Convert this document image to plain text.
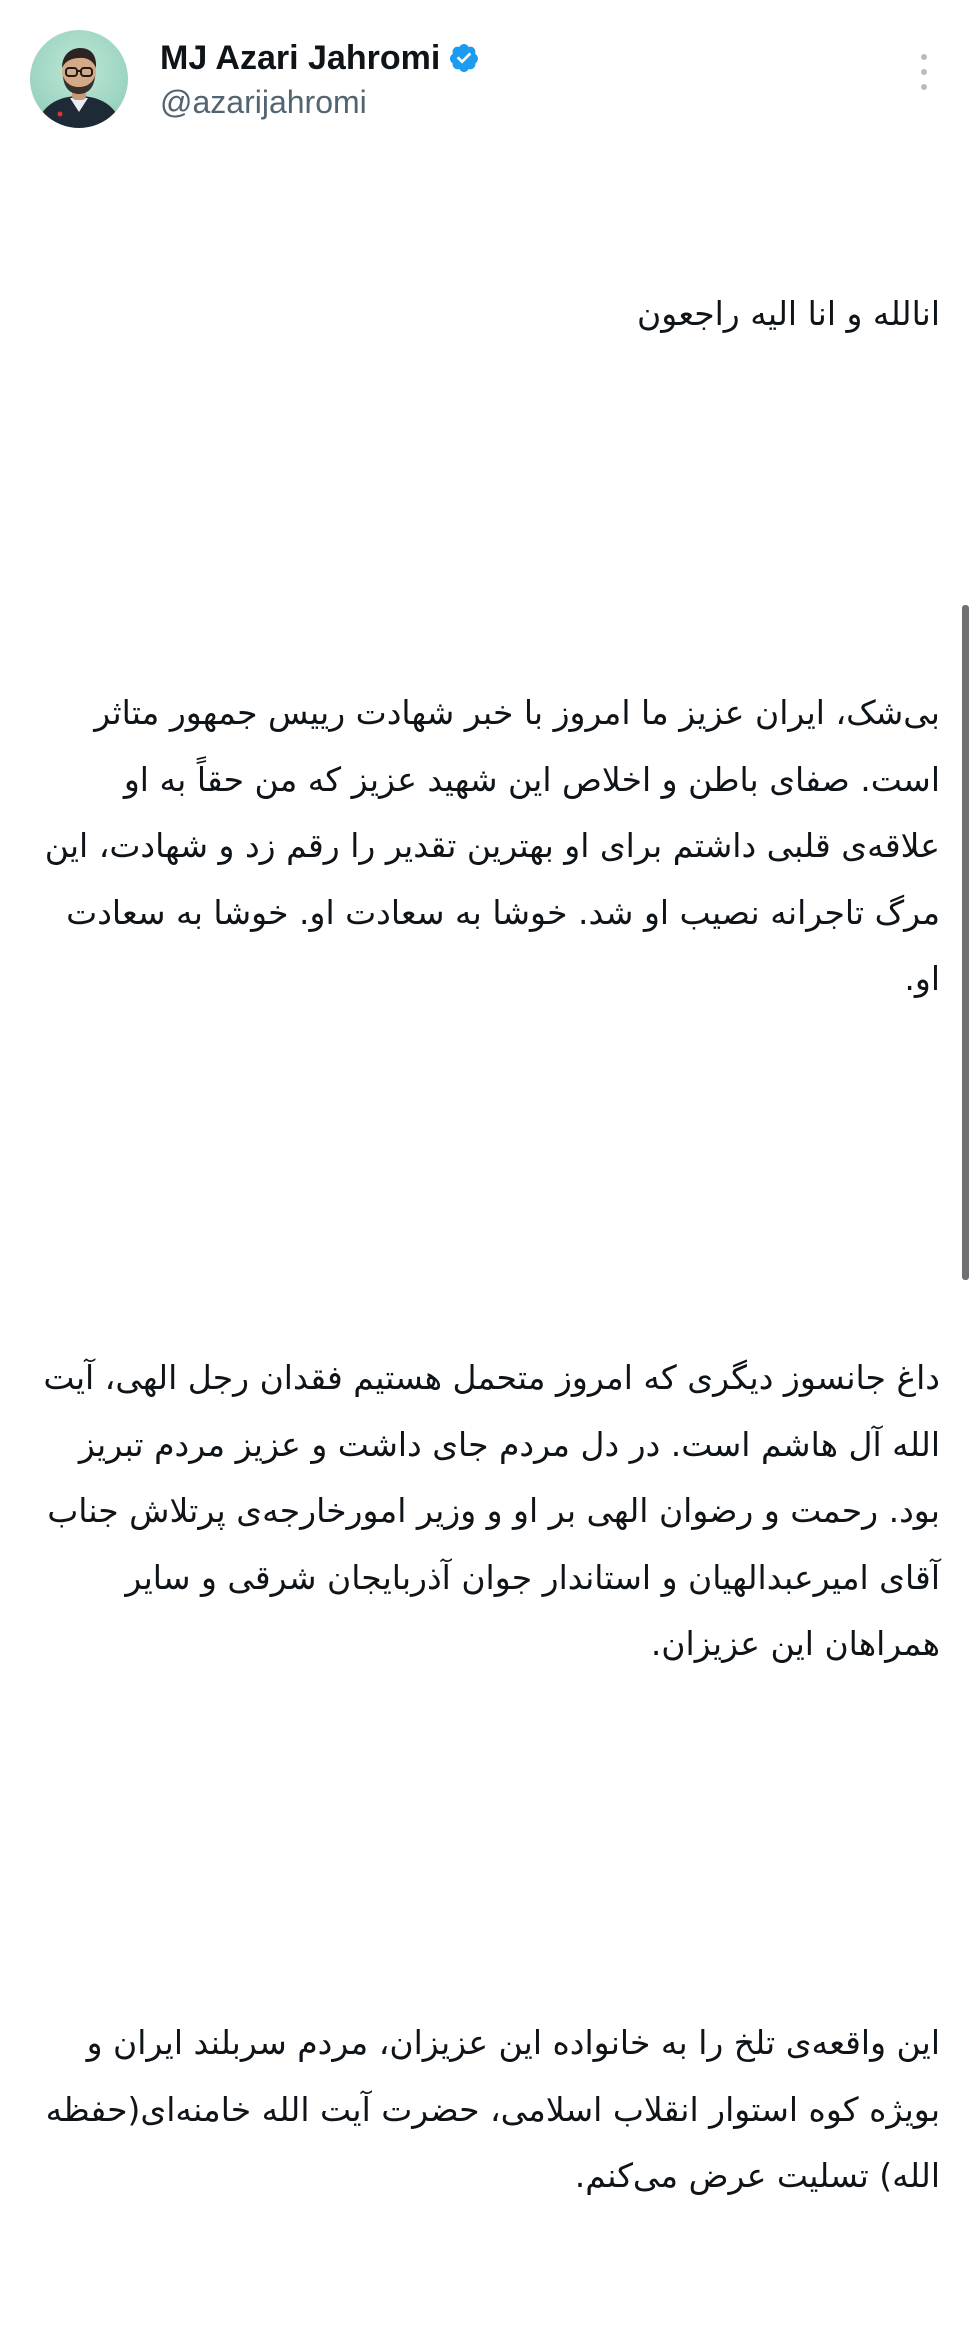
MJ Azari Jahromi
@azarijahromi

انالله و انا الیه راجعون

بی‌شک، ایران عزیز ما امروز با خبر شهادت رییس جمهور متاثر است. صفای باطن و اخلاص این شهید عزیز که من حقاً به او علاقه‌ی قلبی داشتم برای او بهترین تقدیر را رقم زد و شهادت، این مرگ تاجرانه نصیب او شد. خوشا به سعادت او. خوشا به سعادت او.

داغ جانسوز دیگری که امروز متحمل هستیم فقدان رجل الهی، آیت الله آل هاشم است. در دل مردم جای داشت و عزیز مردم تبریز بود. رحمت و رضوان الهی بر او و وزیر امورخارجه‌ی پرتلاش جناب آقای امیرعبدالهیان و استاندار جوان آذربایجان شرقی و سایر همراهان این عزیزان.

این واقعه‌ی تلخ را به خانواده این عزیزان، مردم سربلند ایران و بویژه کوه استوار انقلاب اسلامی، حضرت آیت الله خامنه‌ای(حفظه الله) تسلیت عرض می‌کنم.
